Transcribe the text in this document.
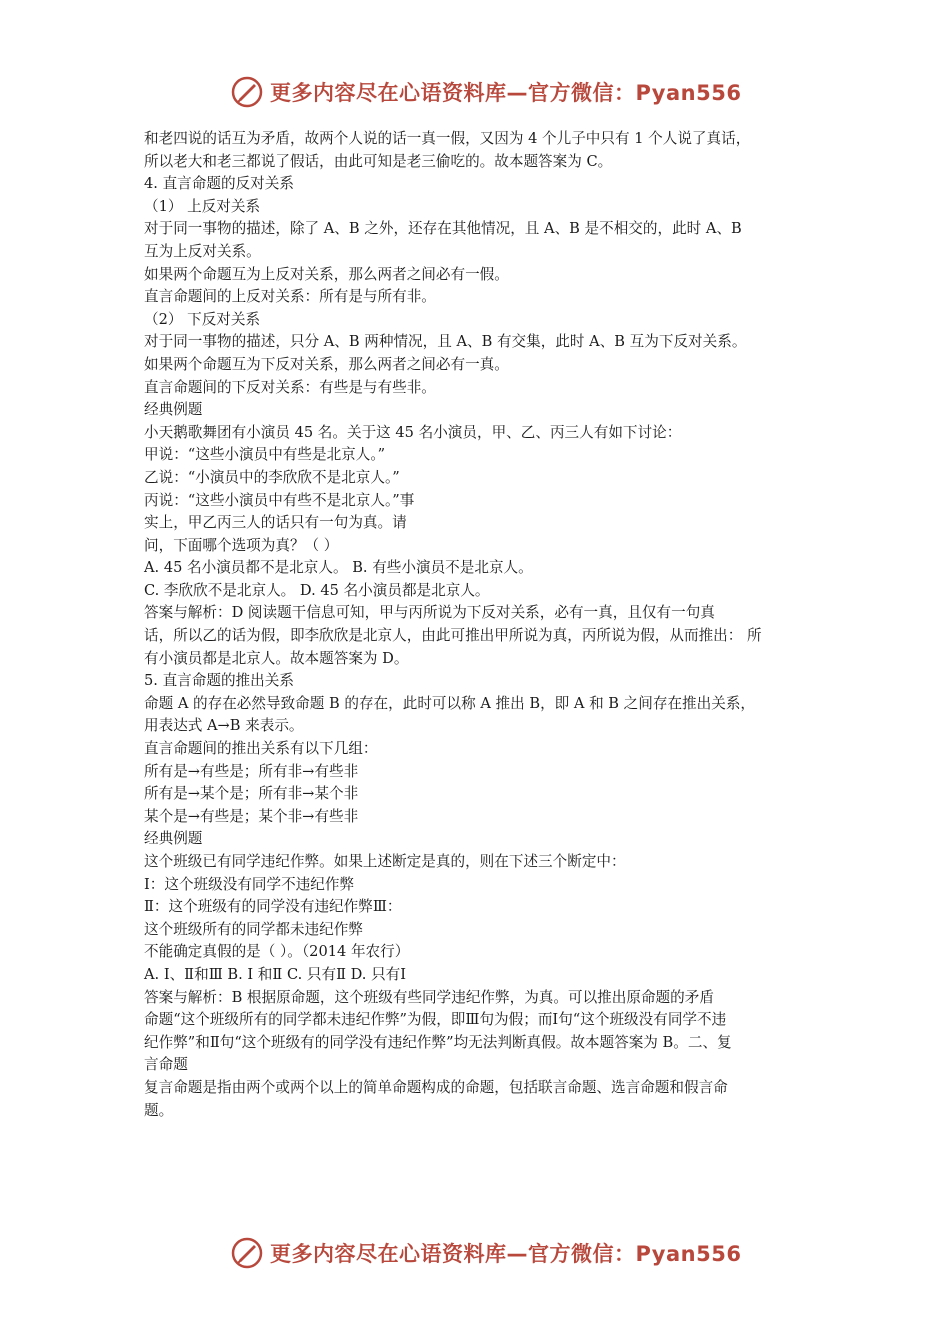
更多内容尽在心语资料库—官方微信：Pyan556
和老四说的话互为矛盾，故两个人说的话一真一假，又因为 4 个儿子中只有 1 个人说了真话，
所以老大和老三都说了假话，由此可知是老三偷吃的。故本题答案为 C。
4. 直言命题的反对关系
（1） 上反对关系
对于同一事物的描述，除了 A、B 之外，还存在其他情况，且 A、B 是不相交的，此时 A、B
互为上反对关系。
如果两个命题互为上反对关系，那么两者之间必有一假。
直言命题间的上反对关系：所有是与所有非。
（2） 下反对关系
对于同一事物的描述，只分 A、B 两种情况，且 A、B 有交集，此时 A、B 互为下反对关系。
如果两个命题互为下反对关系，那么两者之间必有一真。
直言命题间的下反对关系：有些是与有些非。
经典例题
小天鹅歌舞团有小演员 45 名。关于这 45 名小演员，甲、乙、丙三人有如下讨论：
甲说：“这些小演员中有些是北京人。”
乙说：“小演员中的李欣欣不是北京人。”
丙说：“这些小演员中有些不是北京人。”事
实上，甲乙丙三人的话只有一句为真。请
问，下面哪个选项为真？（ ）
A. 45 名小演员都不是北京人。 B. 有些小演员不是北京人。
C. 李欣欣不是北京人。 D. 45 名小演员都是北京人。
答案与解析：D 阅读题干信息可知，甲与丙所说为下反对关系，必有一真，且仅有一句真
话，所以乙的话为假，即李欣欣是北京人，由此可推出甲所说为真，丙所说为假，从而推出： 所
有小演员都是北京人。故本题答案为 D。
5. 直言命题的推出关系
命题 A 的存在必然导致命题 B 的存在，此时可以称 A 推出 B，即 A 和 B 之间存在推出关系，
用表达式 A→B 来表示。
直言命题间的推出关系有以下几组：
所有是→有些是；所有非→有些非
所有是→某个是；所有非→某个非
某个是→有些是；某个非→有些非
经典例题
这个班级已有同学违纪作弊。如果上述断定是真的，则在下述三个断定中：
Ⅰ：这个班级没有同学不违纪作弊
Ⅱ：这个班级有的同学没有违纪作弊Ⅲ：
这个班级所有的同学都未违纪作弊
不能确定真假的是（ ）。（2014 年农行）
A. Ⅰ、Ⅱ和Ⅲ B. Ⅰ 和Ⅱ C. 只有Ⅱ D. 只有Ⅰ
答案与解析：B 根据原命题，这个班级有些同学违纪作弊，为真。可以推出原命题的矛盾
命题“这个班级所有的同学都未违纪作弊”为假，即Ⅲ句为假；而Ⅰ句“这个班级没有同学不违
纪作弊”和Ⅱ句“这个班级有的同学没有违纪作弊”均无法判断真假。故本题答案为 B。二、复
言命题
复言命题是指由两个或两个以上的简单命题构成的命题，包括联言命题、选言命题和假言命
题。
更多内容尽在心语资料库—官方微信：Pyan556
